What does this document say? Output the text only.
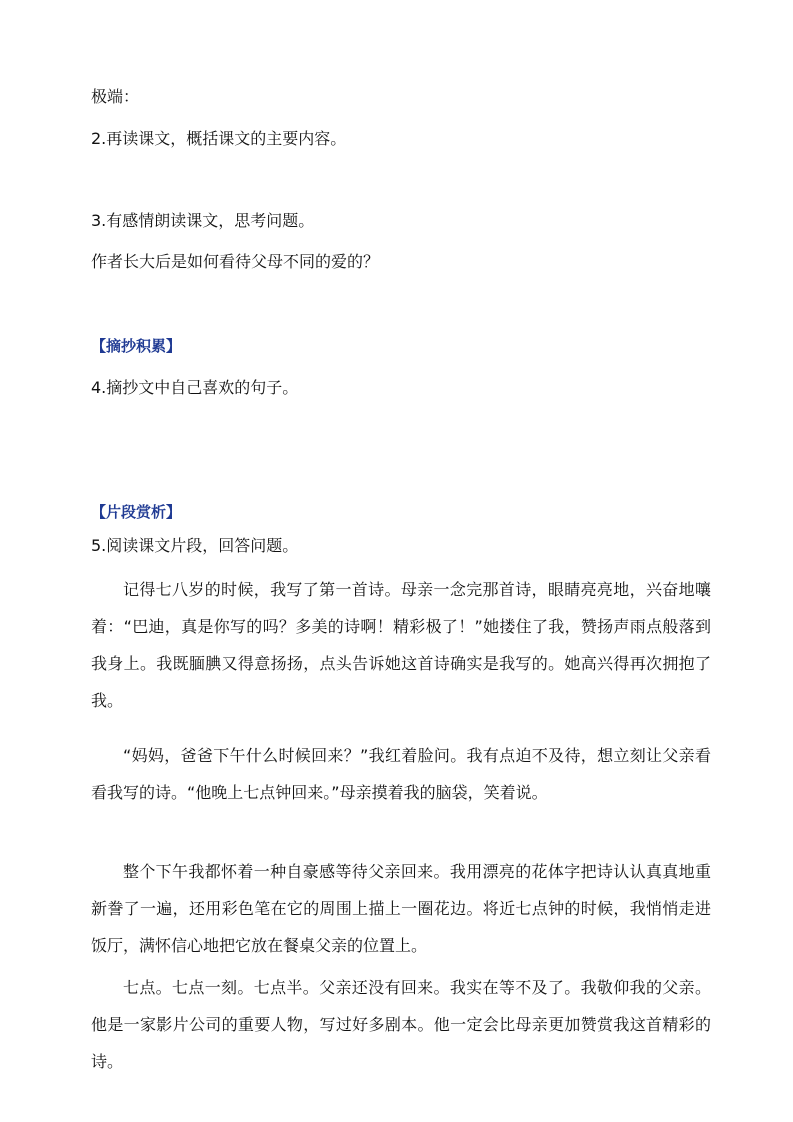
极端：
2.再读课文，概括课文的主要内容。
3.有感情朗读课文，思考问题。
作者长大后是如何看待父母不同的爱的？
【摘抄积累】
4.摘抄文中自己喜欢的句子。
【片段赏析】
5.阅读课文片段，回答问题。

记得七八岁的时候，我写了第一首诗。母亲一念完那首诗，眼睛亮亮地，兴奋地嚷着：“巴迪，真是你写的吗？多美的诗啊！精彩极了！”她搂住了我，赞扬声雨点般落到我身上。我既腼腆又得意扬扬，点头告诉她这首诗确实是我写的。她高兴得再次拥抱了我。

“妈妈，爸爸下午什么时候回来？”我红着脸问。我有点迫不及待，想立刻让父亲看看我写的诗。“他晚上七点钟回来。”母亲摸着我的脑袋，笑着说。

整个下午我都怀着一种自豪感等待父亲回来。我用漂亮的花体字把诗认认真真地重新誊了一遍，还用彩色笔在它的周围上描上一圈花边。将近七点钟的时候，我悄悄走进饭厅，满怀信心地把它放在餐桌父亲的位置上。

七点。七点一刻。七点半。父亲还没有回来。我实在等不及了。我敬仰我的父亲。他是一家影片公司的重要人物，写过好多剧本。他一定会比母亲更加赞赏我这首精彩的诗。
